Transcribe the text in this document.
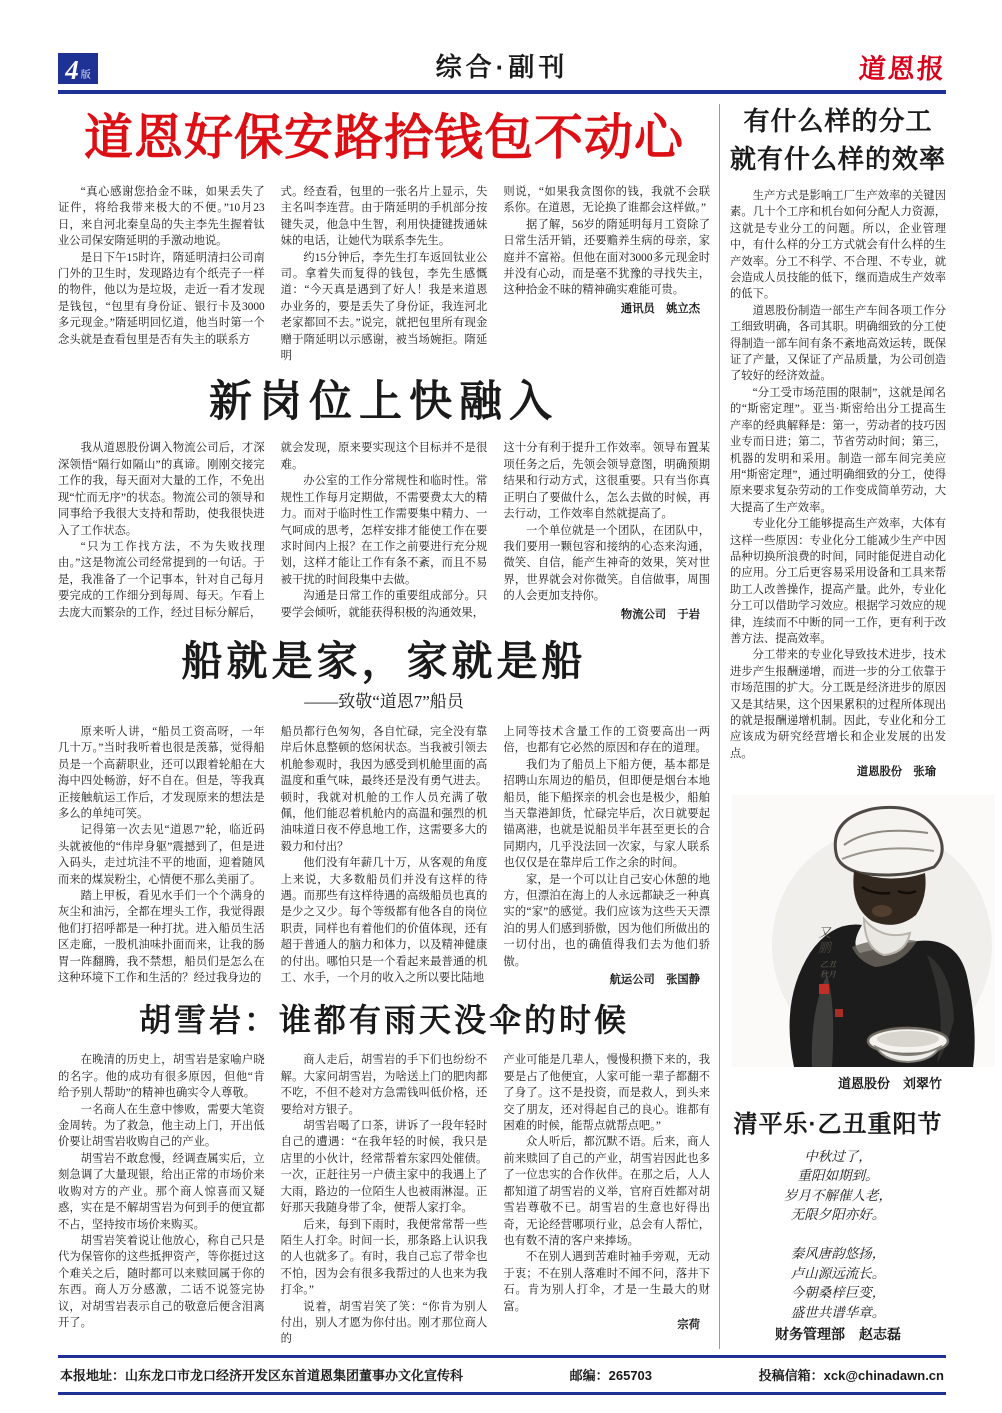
4 版	综合·副刊	道恩报
道恩好保安路拾钱包不动心

“真心感谢您拾金不昧，如果丢失了证件，将给我带来极大的不便。”10月23日，来自河北秦皇岛的失主李先生握着钛业公司保安隋延明的手激动地说。

是日下午15时许，隋延明清扫公司南门外的卫生时，发现路边有个纸壳子一样的物件，他以为是垃圾，走近一看才发现是钱包，“包里有身份证、银行卡及3000多元现金。”隋延明回忆道，他当时第一个念头就是查看包里是否有失主的联系方

式。经查看，包里的一张名片上显示，失主名叫李连营。由于隋延明的手机部分按键失灵，他急中生智，利用快捷键拨通妹妹的电话，让她代为联系李先生。

约15分钟后，李先生打车返回钛业公司。拿着失而复得的钱包，李先生感慨道：“今天真是遇到了好人！我是来道恩办业务的，要是丢失了身份证，我连河北老家都回不去。”说完，就把包里所有现金赠于隋延明以示感谢，被当场婉拒。隋延明

则说，“如果我贪图你的钱，我就不会联系你。在道恩，无论换了谁都会这样做。”

据了解，56岁的隋延明每月工资除了日常生活开销，还要赡养生病的母亲，家庭并不富裕。但他在面对3000多元现金时并没有心动，而是毫不犹豫的寻找失主，这种拾金不昧的精神确实难能可贵。

通讯员　姚立杰

新岗位上快融入

我从道恩股份调入物流公司后，才深深领悟“隔行如隔山”的真谛。刚刚交接完工作的我，每天面对大量的工作，不免出现“忙而无序”的状态。物流公司的领导和同事给予我很大支持和帮助，使我很快进入了工作状态。

“只为工作找方法，不为失败找理由。”这是物流公司经常提到的一句话。于是，我准备了一个记事本，针对自己每月要完成的工作细分到每周、每天。乍看上去庞大而繁杂的工作，经过目标分解后，

就会发现，原来要实现这个目标并不是很难。

办公室的工作分常规性和临时性。常规性工作每月定期做，不需要费太大的精力。而对于临时性工作需要集中精力、一气呵成的思考，怎样安排才能使工作在要求时间内上报？在工作之前要进行充分规划，这样才能让工作有条不紊，而且不易被干扰的时间段集中去做。

沟通是日常工作的重要组成部分。只要学会倾听，就能获得积极的沟通效果，

这十分有利于提升工作效率。领导布置某项任务之后，先领会领导意图，明确预期结果和行动方式，这很重要。只有当你真正明白了要做什么，怎么去做的时候，再去行动，工作效率自然就提高了。

一个单位就是一个团队，在团队中，我们要用一颗包容和接纳的心态来沟通，微笑、自信，能产生神奇的效果，笑对世界，世界就会对你微笑。自信做事，周围的人会更加支持你。

物流公司　于岩

船就是家，家就是船
——致敬“道恩7”船员

原来听人讲，“船员工资高呀，一年几十万。”当时我听着也很是羡慕，觉得船员是一个高薪职业，还可以跟着轮船在大海中四处畅游，好不自在。但是，等我真正接触航运工作后，才发现原来的想法是多么的单纯可笑。

记得第一次去见“道恩7”轮，临近码头就被他的“伟岸身躯”震撼到了，但是进入码头，走过坑洼不平的地面，迎着随风而来的煤炭粉尘，心情便不那么美丽了。

踏上甲板，看见水手们一个个满身的灰尘和油污，全都在埋头工作，我觉得跟他们打招呼都是一种打扰。进入船员生活区走廊，一股机油味扑面而来，让我的肠胃一阵翻腾，我不禁想，船员们是怎么在这种环境下工作和生活的？经过我身边的

船员都行色匆匆，各自忙碌，完全没有靠岸后休息整顿的悠闲状态。当我被引领去机舱参观时，我因为感受到机舱里面的高温度和重气味，最终还是没有勇气进去。顿时，我就对机舱的工作人员充满了敬佩，他们能忍着机舱内的高温和强烈的机油味道日夜不停息地工作，这需要多大的毅力和付出？

他们没有年薪几十万，从客观的角度上来说，大多数船员们并没有这样的待遇。而那些有这样待遇的高级船员也真的是少之又少。每个等级都有他各自的岗位职责，同样也有着他们的价值体现，还有超于普通人的脑力和体力，以及精神健康的付出。哪怕只是一个看起来最普通的机工、水手，一个月的收入之所以要比陆地

上同等技术含量工作的工资要高出一两倍，也都有它必然的原因和存在的道理。

我们为了船员上下船方便，基本都是招聘山东周边的船员，但即便是烟台本地船员，能下船探亲的机会也是极少，船舶当天靠港卸货，忙碌完毕后，次日就要起锚离港，也就是说船员半年甚至更长的合同期内，几乎没法回一次家，与家人联系也仅仅是在靠岸后工作之余的时间。

家，是一个可以让自己安心休憩的地方，但漂泊在海上的人永远都缺乏一种真实的“家”的感觉。我们应该为这些天天漂泊的男人们感到骄傲，因为他们所做出的一切付出，也的确值得我们去为他们骄傲。

航运公司　张国静

胡雪岩：谁都有雨天没伞的时候

在晚清的历史上，胡雪岩是家喻户晓的名字。他的成功有很多原因，但他“肯给予别人帮助”的精神也确实令人尊敬。

一名商人在生意中惨败，需要大笔资金周转。为了救急，他主动上门，开出低价要让胡雪岩收购自己的产业。

胡雪岩不敢怠慢，经调查属实后，立刻急调了大量现银，给出正常的市场价来收购对方的产业。那个商人惊喜而又疑惑，实在是不解胡雪岩为何到手的便宜都不占，坚持按市场价来购买。

胡雪岩笑着说让他放心，称自己只是代为保管你的这些抵押资产，等你挺过这个难关之后，随时都可以来赎回属于你的东西。商人万分感激，二话不说签完协议，对胡雪岩表示自己的敬意后便含泪离开了。

商人走后，胡雪岩的手下们也纷纷不解。大家问胡雪岩，为啥送上门的肥肉都不吃，不但不趁对方急需钱叫低价格，还要给对方银子。

胡雪岩喝了口茶，讲诉了一段年轻时自己的遭遇：“在我年轻的时候，我只是店里的小伙计，经常帮着东家四处催债。一次，正赶往另一户债主家中的我遇上了大雨，路边的一位陌生人也被雨淋湿。正好那天我随身带了伞，便帮人家打伞。

后来，每到下雨时，我便常常帮一些陌生人打伞。时间一长，那条路上认识我的人也就多了。有时，我自己忘了带伞也不怕，因为会有很多我帮过的人也来为我打伞。”

说着，胡雪岩笑了笑：“你肯为别人付出，别人才愿为你付出。刚才那位商人的

产业可能是几辈人，慢慢积攒下来的，我要是占了他便宜，人家可能一辈子都翻不了身了。这不是投资，而是救人，到头来交了朋友，还对得起自己的良心。谁都有困难的时候，能帮点就帮点吧。”

众人听后，都沉默不语。后来，商人前来赎回了自己的产业，胡雪岩因此也多了一位忠实的合作伙伴。在那之后，人人都知道了胡雪岩的义举，官府百姓都对胡雪岩尊敬不已。胡雪岩的生意也好得出奇，无论经营哪项行业，总会有人帮忙，也有数不清的客户来捧场。

不在别人遇到苦难时袖手旁观，无动于衷；不在别人落难时不闻不问，落井下石。肯为别人打伞，才是一生最大的财富。

宗荷

有什么样的分工
就有什么样的效率

生产方式是影响工厂生产效率的关键因素。几十个工序和机台如何分配人力资源，这就是专业分工的问题。所以，企业管理中，有什么样的分工方式就会有什么样的生产效率。分工不科学、不合理、不专业，就会造成人员技能的低下，继而造成生产效率的低下。

道恩股份制造一部生产车间各项工作分工细致明确，各司其职。明确细致的分工使得制造一部车间有条不紊地高效运转，既保证了产量，又保证了产品质量，为公司创造了较好的经济效益。

“分工受市场范围的限制”，这就是闻名的“斯密定理”。亚当·斯密给出分工提高生产率的经典解释是：第一，劳动者的技巧因业专而日进；第二，节省劳动时间；第三，机器的发明和采用。制造一部车间完美应用“斯密定理”，通过明确细致的分工，使得原来要求复杂劳动的工作变成简单劳动，大大提高了生产效率。

专业化分工能够提高生产效率，大体有这样一些原因：专业化分工能减少生产中因品种切换所浪费的时间，同时能促进自动化的应用。分工后更容易采用设备和工具来帮助工人改善操作，提高产量。此外，专业化分工可以借助学习效应。根据学习效应的规律，连续而不中断的同一工作，更有利于改善方法、提高效率。

分工带来的专业化导致技术进步，技术进步产生报酬递增，而进一步的分工依靠于市场范围的扩大。分工既是经济进步的原因又是其结果，这个因果累积的过程所体现出的就是报酬递增机制。因此，专业化和分工应该成为研究经营增长和企业发展的出发点。

道恩股份　张瑜

又
鹏
乙丑
秋月
道恩股份　刘翠竹
清平乐·乙丑重阳节
中秋过了，
重阳如期到。
岁月不解催人老，
无限夕阳亦好。

秦风唐韵悠扬，
卢山源远流长。
今朝桑梓巨变，
盛世共谱华章。
财务管理部　赵志磊
本报地址：山东龙口市龙口经济开发区东首道恩集团董事办文化宣传科	邮编：265703	投稿信箱：xck@chinadawn.cn
